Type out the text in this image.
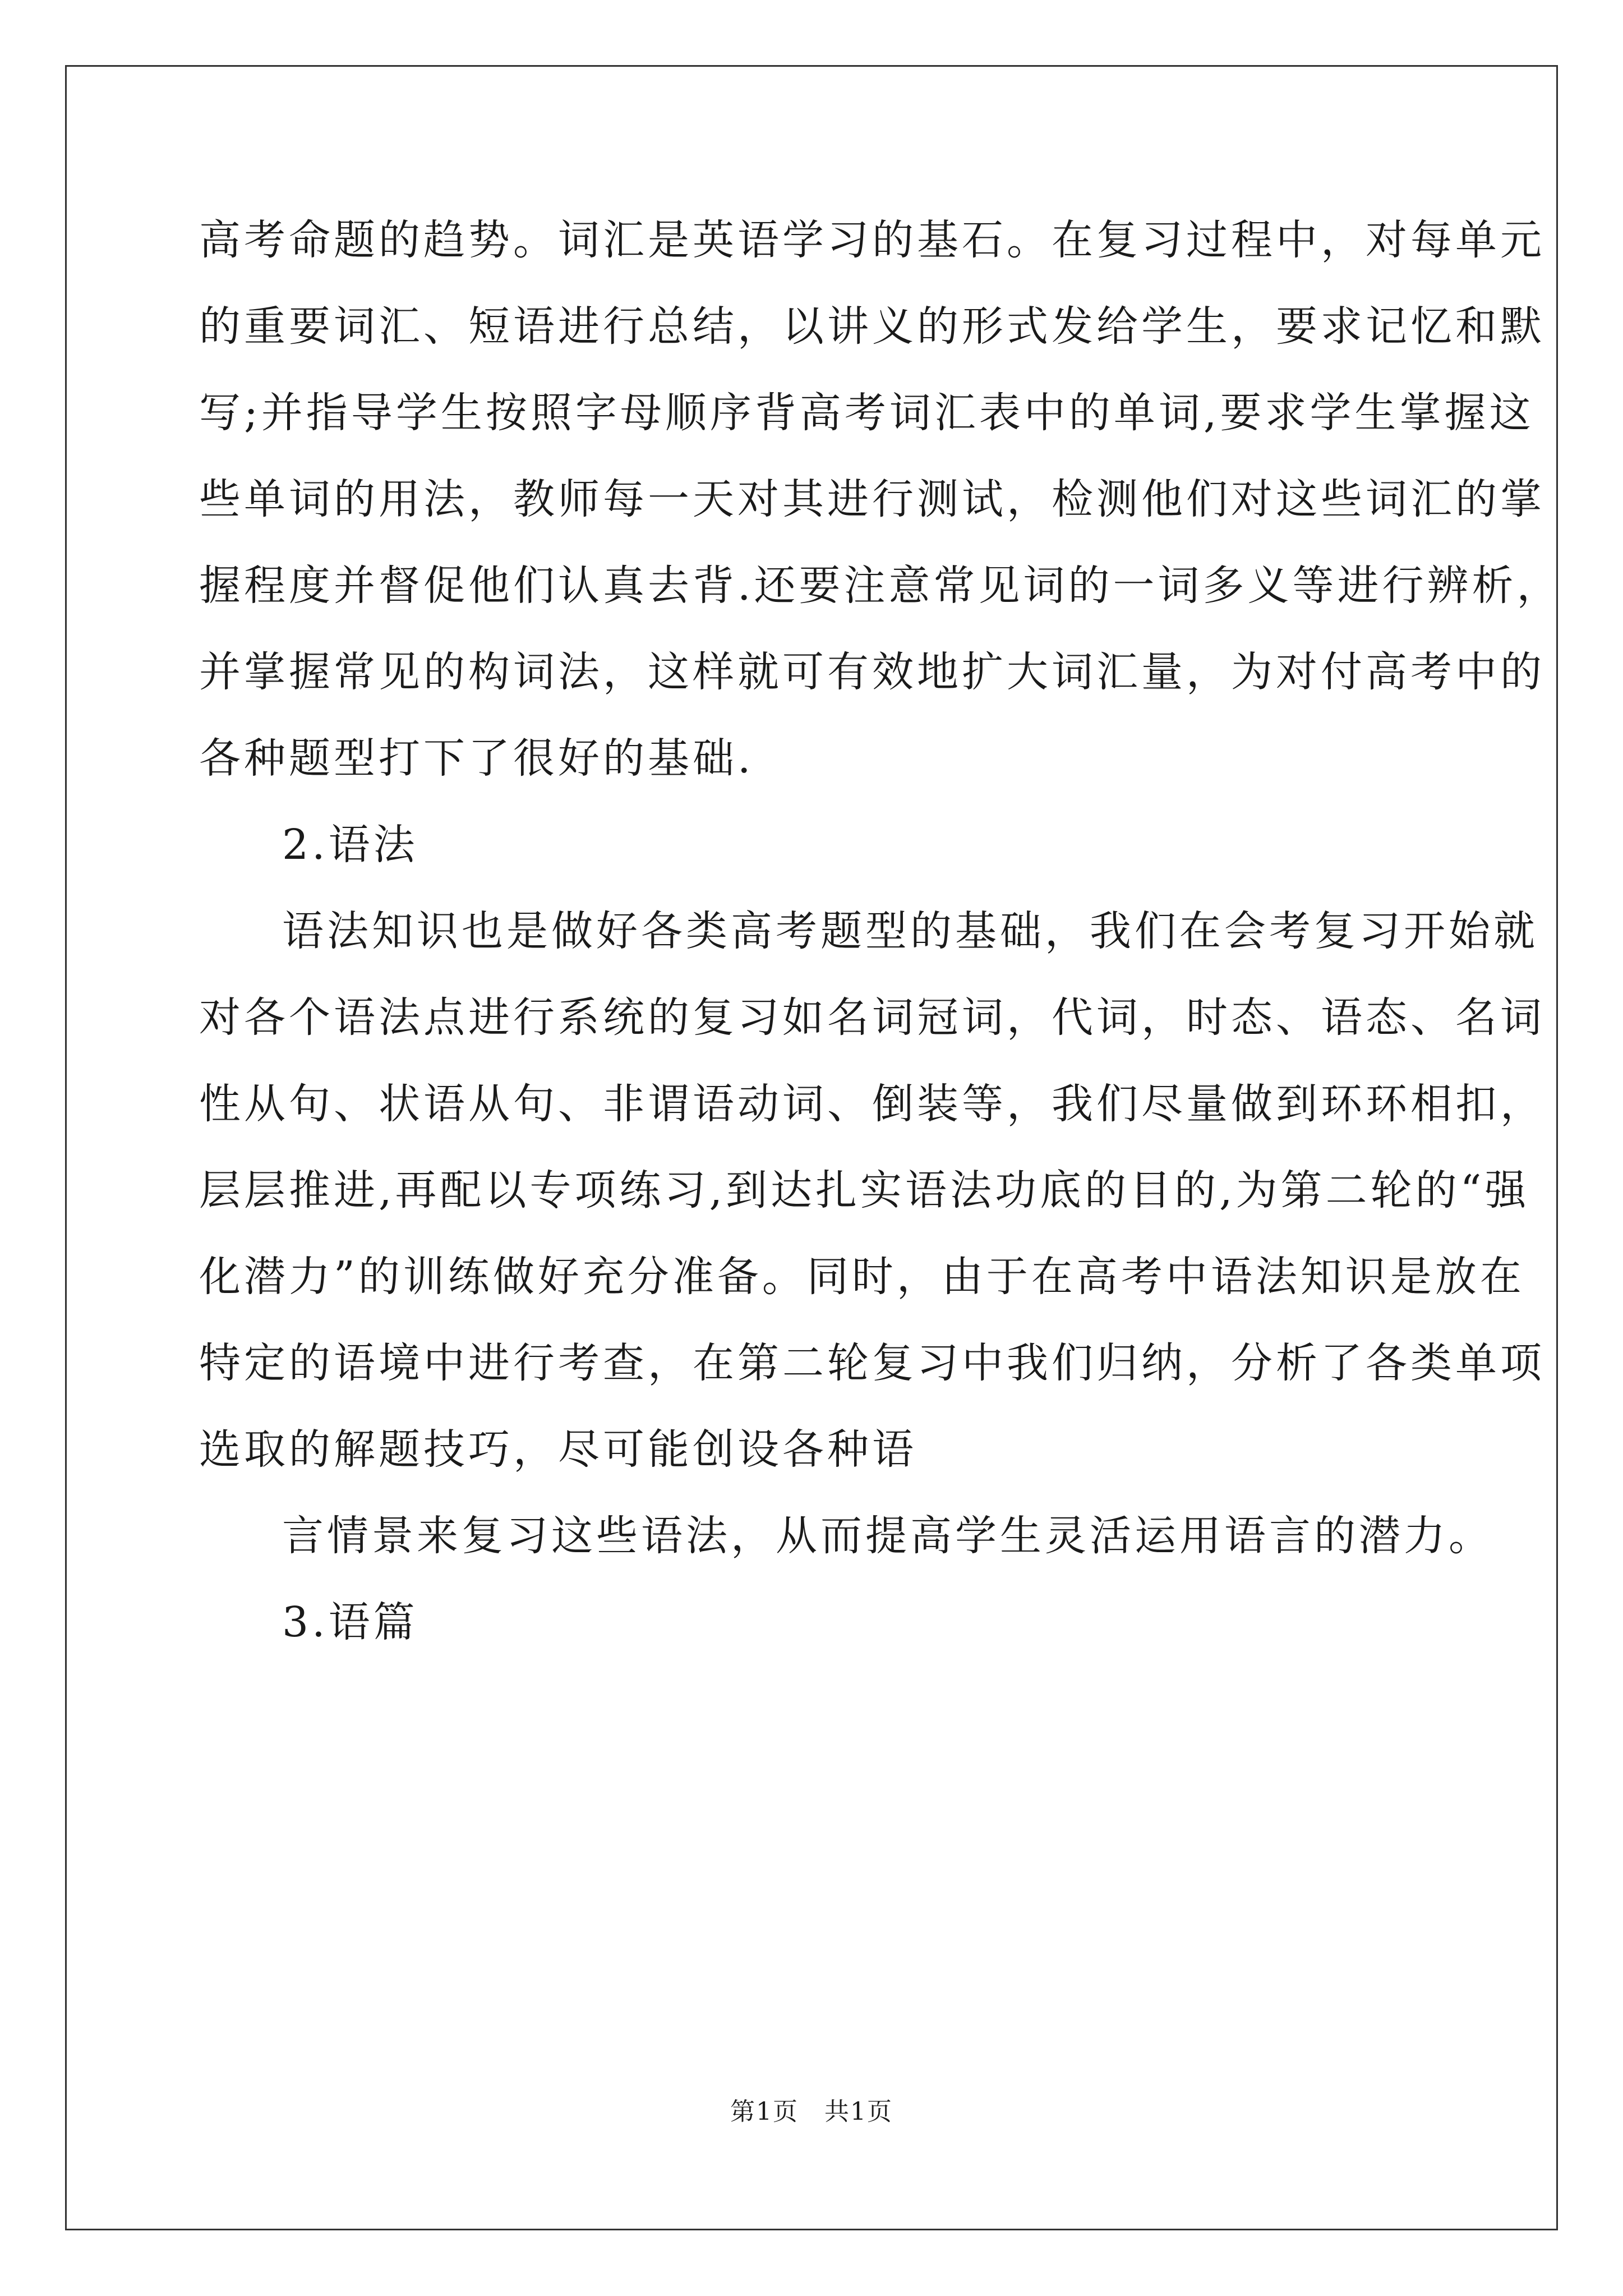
高考命题的趋势。词汇是英语学习的基石。在复习过程中，对每单元
的重要词汇、短语进行总结，以讲义的形式发给学生，要求记忆和默
写;并指导学生按照字母顺序背高考词汇表中的单词,要求学生掌握这
些单词的用法，教师每一天对其进行测试，检测他们对这些词汇的掌
握程度并督促他们认真去背.还要注意常见词的一词多义等进行辨析，
并掌握常见的构词法，这样就可有效地扩大词汇量，为对付高考中的
各种题型打下了很好的基础.
2.语法
语法知识也是做好各类高考题型的基础，我们在会考复习开始就
对各个语法点进行系统的复习如名词冠词，代词，时态、语态、名词
性从句、状语从句、非谓语动词、倒装等，我们尽量做到环环相扣，
层层推进,再配以专项练习,到达扎实语法功底的目的,为第二轮的“强
化潜力”的训练做好充分准备。同时，由于在高考中语法知识是放在
特定的语境中进行考查，在第二轮复习中我们归纳，分析了各类单项
选取的解题技巧，尽可能创设各种语
言情景来复习这些语法，从而提高学生灵活运用语言的潜力。
3.语篇
第1页　共1页
